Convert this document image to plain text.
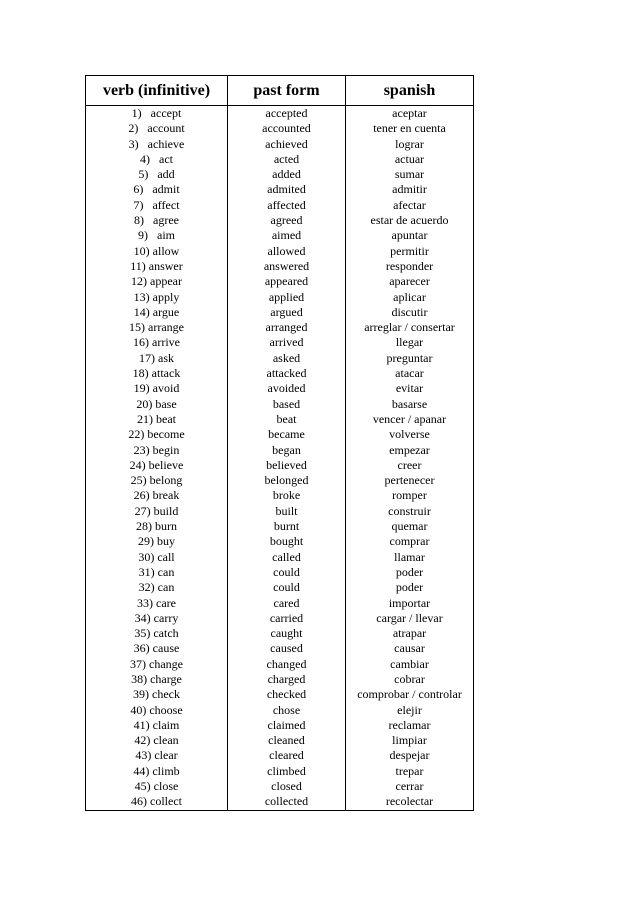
verb (infinitive)	past form	spanish
1)   accept	accepted	aceptar
2)   account	accounted	tener en cuenta
3)   achieve	achieved	lograr
4)   act	acted	actuar
5)   add	added	sumar
6)   admit	admited	admitir
7)   affect	affected	afectar
8)   agree	agreed	estar de acuerdo
9)   aim	aimed	apuntar
10) allow	allowed	permitir
11) answer	answered	responder
12) appear	appeared	aparecer
13) apply	applied	aplicar
14) argue	argued	discutir
15) arrange	arranged	arreglar / consertar
16) arrive	arrived	llegar
17) ask	asked	preguntar
18) attack	attacked	atacar
19) avoid	avoided	evitar
20) base	based	basarse
21) beat	beat	vencer / apanar
22) become	became	volverse
23) begin	began	empezar
24) believe	believed	creer
25) belong	belonged	pertenecer
26) break	broke	romper
27) build	built	construir
28) burn	burnt	quemar
29) buy	bought	comprar
30) call	called	llamar
31) can	could	poder
32) can	could	poder
33) care	cared	importar
34) carry	carried	cargar / llevar
35) catch	caught	atrapar
36) cause	caused	causar
37) change	changed	cambiar
38) charge	charged	cobrar
39) check	checked	comprobar / controlar
40) choose	chose	elejir
41) claim	claimed	reclamar
42) clean	cleaned	limpiar
43) clear	cleared	despejar
44) climb	climbed	trepar
45) close	closed	cerrar
46) collect	collected	recolectar
